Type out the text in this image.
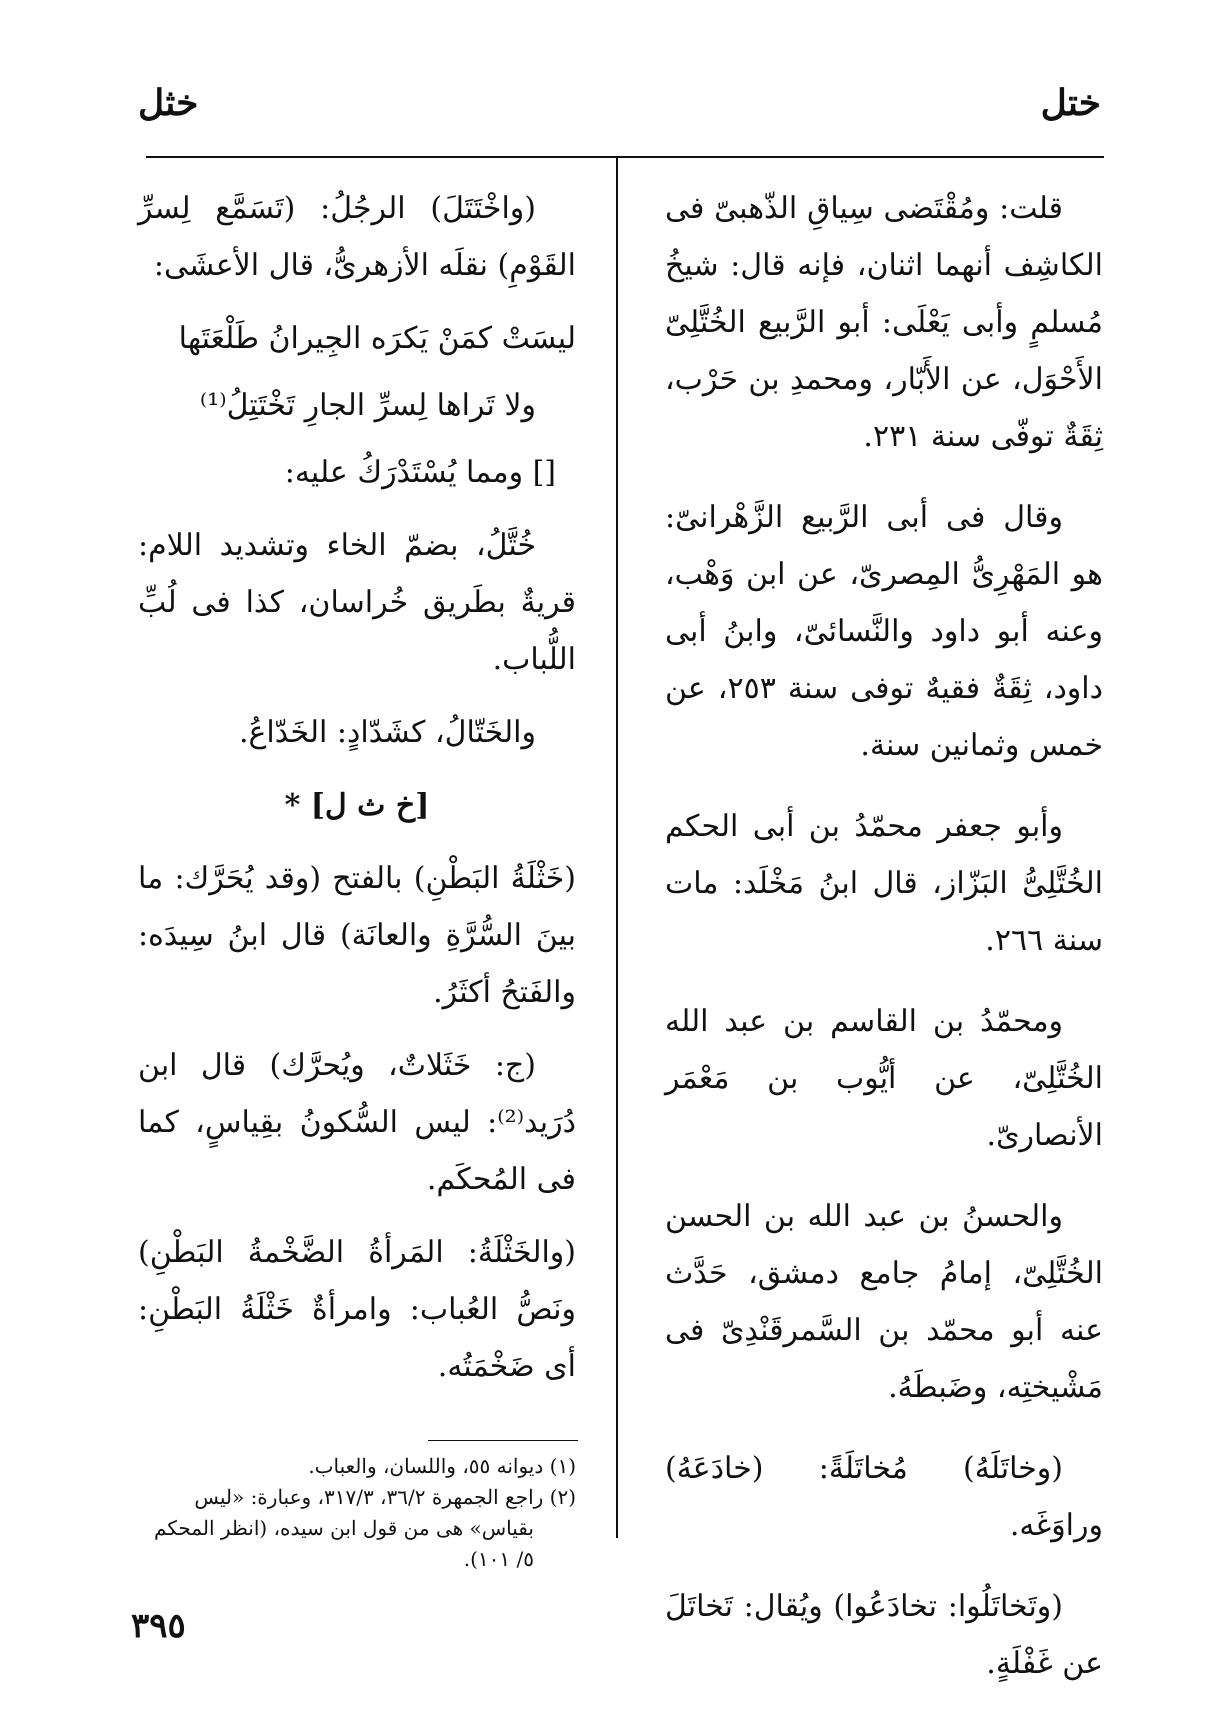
ختل
خثل

قلت: ومُقْتَضى سِياقِ الذّهبىّ فى الكاشِف أنهما اثنان، فإنه قال: شيخُ مُسلمٍ وأبى يَعْلَى: أبو الرَّبيع الخُتَّلِىّ الأَحْوَل، عن الأَبّار، ومحمدِ بن حَرْب، ثِقَةٌ توفّى سنة ٢٣١.

وقال فى أبى الرَّبيع الزَّهْرانىّ: هو المَهْرِىُّ المِصرىّ، عن ابن وَهْب، وعنه أبو داود والنَّسائىّ، وابنُ أبى داود، ثِقَةٌ فقيهٌ توفى سنة ٢٥٣، عن خمس وثمانين سنة.

وأبو جعفر محمّدُ بن أبى الحكم الخُتَّلِىُّ البَزّاز، قال ابنُ مَخْلَد: مات سنة ٢٦٦.

ومحمّدُ بن القاسم بن عبد الله الخُتَّلِىّ، عن أيُّوب بن مَعْمَر الأنصارىّ.

والحسنُ بن عبد الله بن الحسن الخُتَّلِىّ، إمامُ جامع دمشق، حَدَّث عنه أبو محمّد بن السَّمرقَنْدِىّ فى مَشْيختِه، وضَبطَهُ.

(وخاتَلَهُ) مُخاتَلَةً: (خادَعَهُ) وراوَغَه.

(وتَخاتَلُوا: تخادَعُوا) ويُقال: تَخاتَلَ عن غَفْلَةٍ.

(واخْتَتَلَ) الرجُلُ: (تَسَمَّع لِسرِّ القَوْمِ) نقلَه الأزهرىُّ، قال الأعشَى:

ليسَتْ كمَنْ يَكرَه الجِيرانُ طَلْعَتَها

ولا تَراها لِسرِّ الجارِ تَخْتَتِلُ⁽¹⁾

[] ومما يُسْتَدْرَكُ عليه:

خُتَّلُ، بضمّ الخاء وتشديد اللام: قريةٌ بطَريق خُراسان، كذا فى لُبِّ اللُّباب.

والخَتّالُ، كشَدّادٍ: الخَدّاعُ.

[خ ث ل] *

(خَثْلَةُ البَطْنِ) بالفتح (وقد يُحَرَّك: ما بينَ السُّرَّةِ والعانَة) قال ابنُ سِيدَه: والفَتحُ أكثَرُ.

(ج: خَثَلاتٌ، ويُحرَّك) قال ابن دُرَيد⁽²⁾: ليس السُّكونُ بقِياسٍ، كما فى المُحكَم.

(والخَثْلَةُ: المَرأةُ الضَّخْمةُ البَطْنِ) ونَصُّ العُباب: وامرأةٌ خَثْلَةُ البَطْنِ: أى ضَخْمَتُه.

(١) ديوانه ٥٥، واللسان، والعباب.

(٢) راجع الجمهرة ٣٦/٢، ٣١٧/٣، وعبارة: «ليس بقياس» هى من قول ابن سيده، (انظر المحكم ٥/ ١٠١).

٣٩٥
